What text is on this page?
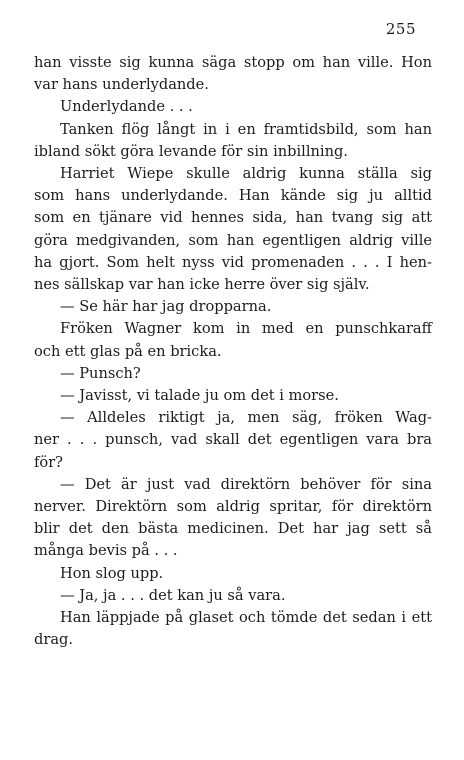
255
han visste sig kunna säga stopp om han ville. Hon
var hans underlydande.
Underlydande . . .
Tanken flög långt in i en framtidsbild, som han
ibland sökt göra levande för sin inbillning.
Harriet Wiepe skulle aldrig kunna ställa sig
som hans underlydande. Han kände sig ju alltid
som en tjänare vid hennes sida, han tvang sig att
göra medgivanden, som han egentligen aldrig ville
ha gjort. Som helt nyss vid promenaden . . . I hen-
nes sällskap var han icke herre över sig själv.
— Se här har jag dropparna.
Fröken Wagner kom in med en punschkaraff
och ett glas på en bricka.
— Punsch?
— Javisst, vi talade ju om det i morse.
— Alldeles riktigt ja, men säg, fröken Wag-
ner . . . punsch, vad skall det egentligen vara bra
för?
— Det är just vad direktörn behöver för sina
nerver. Direktörn som aldrig spritar, för direktörn
blir det den bästa medicinen. Det har jag sett så
många bevis på . . .
Hon slog upp.
— Ja, ja . . . det kan ju så vara.
Han läppjade på glaset och tömde det sedan i ett
drag.
